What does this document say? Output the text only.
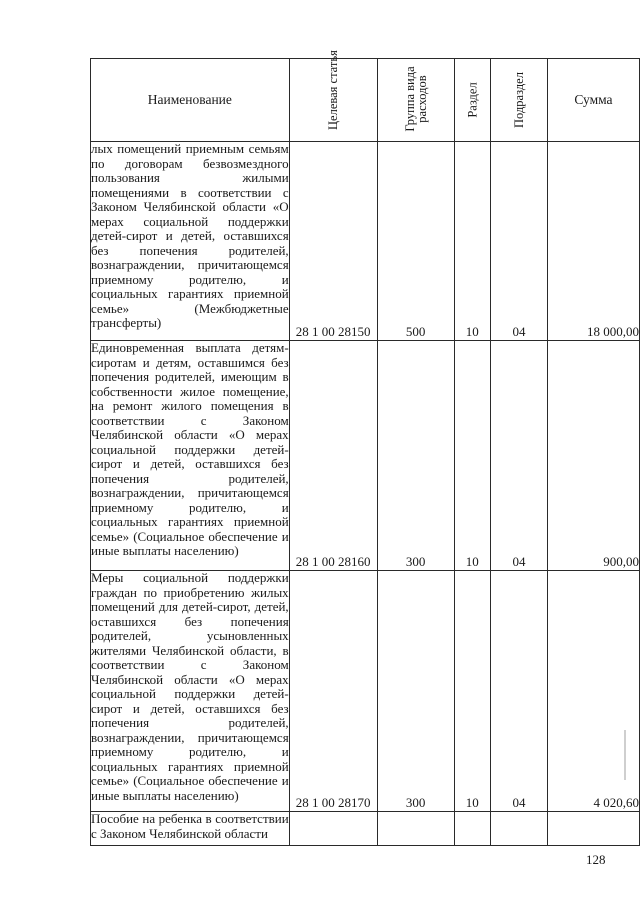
Наименование	Целевая статья	Группа вида расходов	Раздел	Подраздел	Сумма

лых помещений приемным семьям по договорам безвозмездного пользования жилыми помещениями в соответствии с Законом Челябинской области «О мерах социальной поддержки детей-сирот и детей, оставшихся без попечения родителей, вознаграждении, причитающемся приемному родителю, и социальных гарантиях приемной семье» (Межбюджетные трансферты)	28 1 00 28150	500	10	04	18 000,00

Единовременная выплата детям-сиротам и детям, оставшимся без попечения родителей, имеющим в собственности жилое помещение, на ремонт жилого помещения в соответствии с Законом Челябинской области «О мерах социальной поддержки детей-сирот и детей, оставшихся без попечения родителей, вознаграждении, причитающемся приемному родителю, и социальных гарантиях приемной семье» (Социальное обеспечение и иные выплаты населению)	28 1 00 28160	300	10	04	900,00

Меры социальной поддержки граждан по приобретению жилых помещений для детей-сирот, детей, оставшихся без попечения родителей, усыновленных жителями Челябинской области, в соответствии с Законом Челябинской области «О мерах социальной поддержки детей-сирот и детей, оставшихся без попечения родителей, вознаграждении, причитающемся приемному родителю, и социальных гарантиях приемной семье» (Социальное обеспечение и иные выплаты населению)	28 1 00 28170	300	10	04	4 020,60

Пособие на ребенка в соответствии с Законом Челябинской области					

128
